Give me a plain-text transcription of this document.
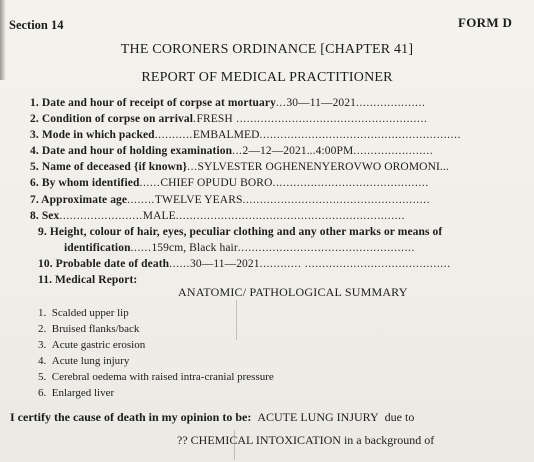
Section 14	FORM D
THE CORONERS ORDINANCE [CHAPTER 41]
REPORT OF MEDICAL PRACTITIONER
1. Date and hour of receipt of corpse at mortuary...30—11—2021....................
2. Condition of corpse on arrival.FRESH .......................................................
3. Mode in which packed...........EMBALMED..........................................................
4. Date and hour of holding examination...2—12—2021...4:00PM.......................
5. Name of deceased {if known}...SYLVESTER OGHENENYEROVWO OROMONI...
6. By whom identified......CHIEF OPUDU BORO.............................................
7. Approximate age........TWELVE YEARS......................................................
8. Sex........................MALE..................................................................
9. Height, colour of hair, eyes, peculiar clothing and any other marks or means of
identification......159cm, Black hair...................................................
10. Probable date of death......30—11—2021............ ..........................................
11. Medical Report:
ANATOMIC/ PATHOLOGICAL SUMMARY
1. Scalded upper lip
2. Bruised flanks/back
3. Acute gastric erosion
4. Acute lung injury
5. Cerebral oedema with raised intra-cranial pressure
6. Enlarged liver
I certify the cause of death in my opinion to be: ACUTE LUNG INJURY due to
?? CHEMICAL INTOXICATION in a background of
